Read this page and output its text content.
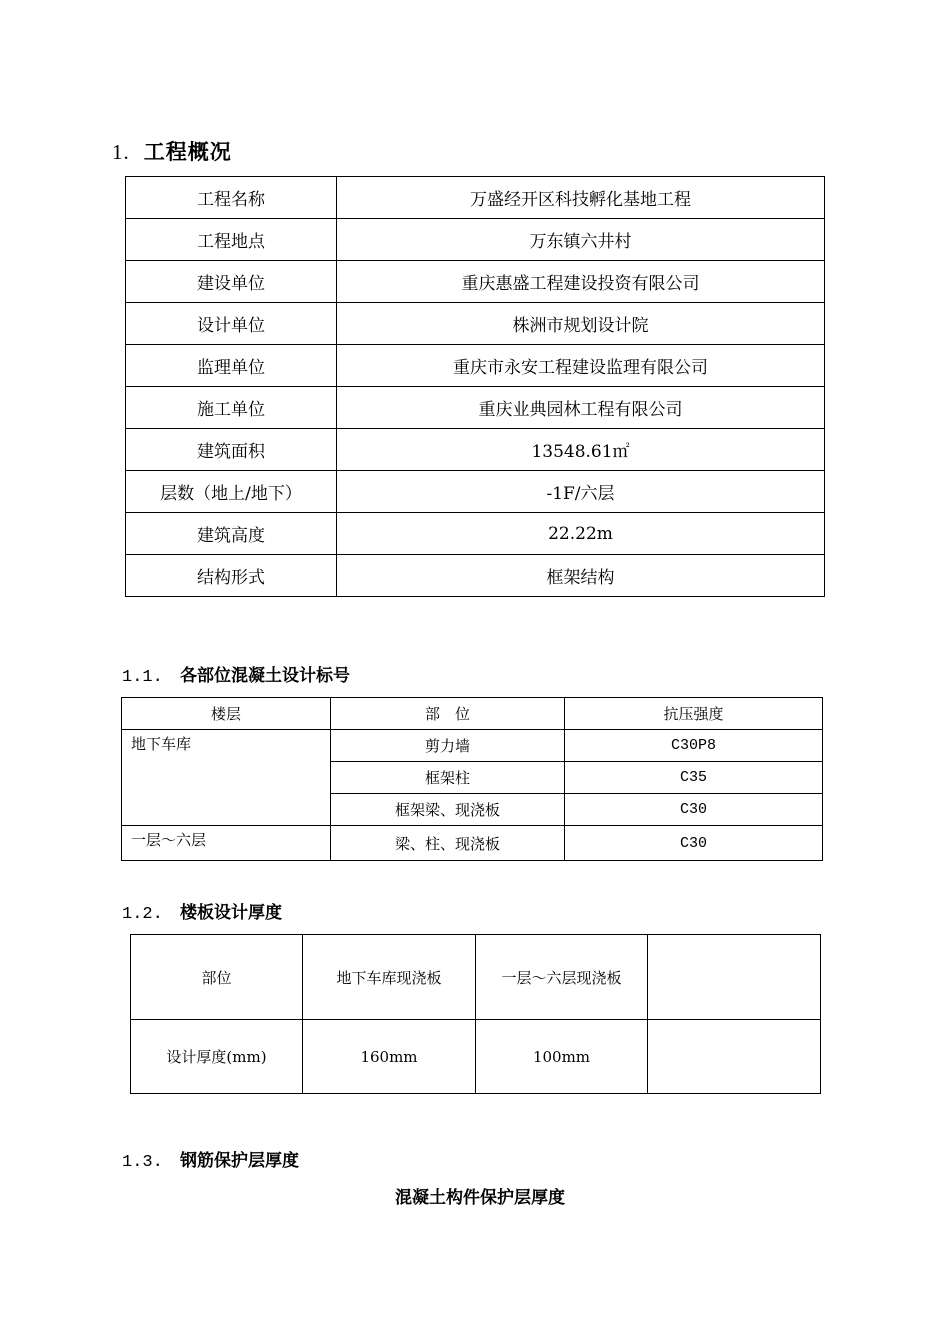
1. 工程概况
工程名称	万盛经开区科技孵化基地工程
工程地点	万东镇六井村
建设单位	重庆惠盛工程建设投资有限公司
设计单位	株洲市规划设计院
监理单位	重庆市永安工程建设监理有限公司
施工单位	重庆业典园林工程有限公司
建筑面积	13548.61㎡
层数（地上/地下）	-1F/六层
建筑高度	22.22m
结构形式	框架结构
1.1. 各部位混凝土设计标号
楼层	部　位	抗压强度
地下车库	剪力墙	C30P8
	框架柱	C35
	框架梁、现浇板	C30
一层～六层	梁、柱、现浇板	C30
1.2. 楼板设计厚度
部位	地下车库现浇板	一层～六层现浇板	
设计厚度(mm)	160mm	100mm	
1.3. 钢筋保护层厚度
混凝土构件保护层厚度
